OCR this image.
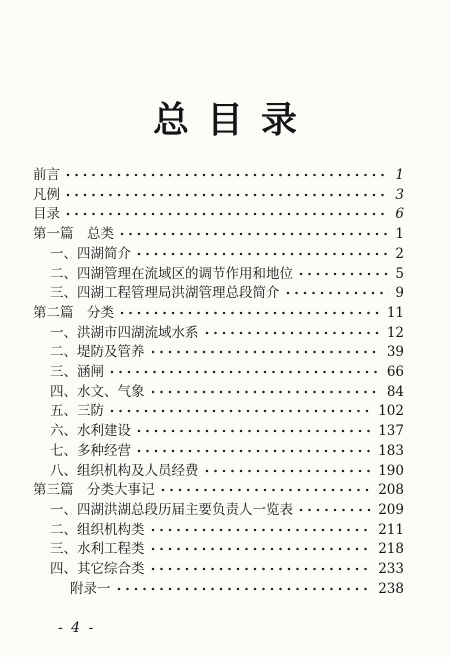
总目录
前言	1
凡例	3
目录	6
第一篇　总类	1
一、四湖简介	2
二、四湖管理在流域区的调节作用和地位	5
三、四湖工程管理局洪湖管理总段简介	9
第二篇　分类	11
一、洪湖市四湖流域水系	12
二、堤防及管养	39
三、涵闸	66
四、水文、气象	84
五、三防	102
六、水利建设	137
七、多种经营	183
八、组织机构及人员经费	190
第三篇　分类大事记	208
一、四湖洪湖总段历届主要负责人一览表	209
二、组织机构类	211
三、水利工程类	218
四、其它综合类	233
附录一	238
- 4 -
